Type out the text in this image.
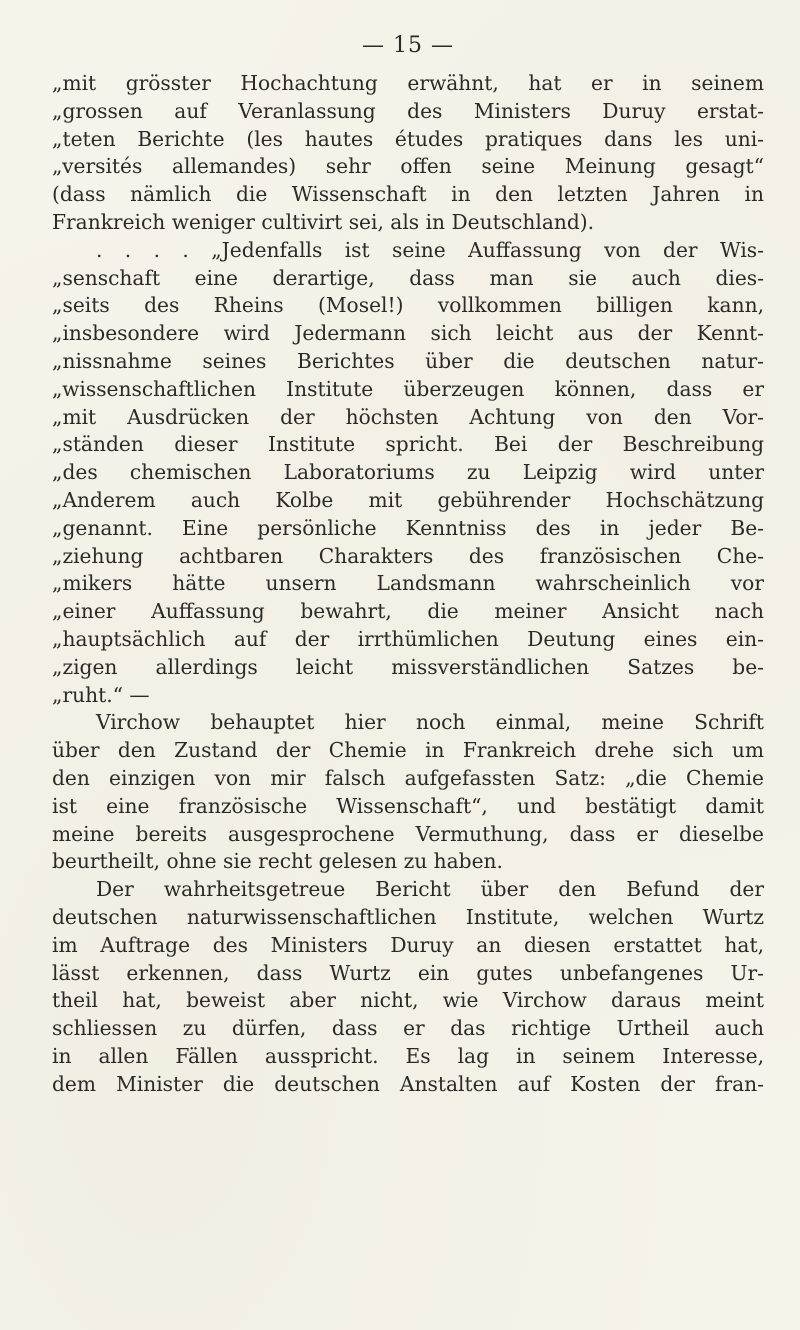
— 15 —
„mit grösster Hochachtung erwähnt, hat er in seinem
„grossen auf Veranlassung des Ministers Duruy erstat-
„teten Berichte (les hautes études pratiques dans les uni-
„versités allemandes) sehr offen seine Meinung gesagt“
(dass nämlich die Wissenschaft in den letzten Jahren in
Frankreich weniger cultivirt sei, als in Deutschland).
. . . . „Jedenfalls ist seine Auffassung von der Wis-
„senschaft eine derartige, dass man sie auch dies-
„seits des Rheins (Mosel!) vollkommen billigen kann,
„insbesondere wird Jedermann sich leicht aus der Kennt-
„nissnahme seines Berichtes über die deutschen natur-
„wissenschaftlichen Institute überzeugen können, dass er
„mit Ausdrücken der höchsten Achtung von den Vor-
„ständen dieser Institute spricht. Bei der Beschreibung
„des chemischen Laboratoriums zu Leipzig wird unter
„Anderem auch Kolbe mit gebührender Hochschätzung
„genannt. Eine persönliche Kenntniss des in jeder Be-
„ziehung achtbaren Charakters des französischen Che-
„mikers hätte unsern Landsmann wahrscheinlich vor
„einer Auffassung bewahrt, die meiner Ansicht nach
„hauptsächlich auf der irrthümlichen Deutung eines ein-
„zigen allerdings leicht missverständlichen Satzes be-
„ruht.“ —
Virchow behauptet hier noch einmal, meine Schrift
über den Zustand der Chemie in Frankreich drehe sich um
den einzigen von mir falsch aufgefassten Satz: „die Chemie
ist eine französische Wissenschaft“, und bestätigt damit
meine bereits ausgesprochene Vermuthung, dass er dieselbe
beurtheilt, ohne sie recht gelesen zu haben.
Der wahrheitsgetreue Bericht über den Befund der
deutschen naturwissenschaftlichen Institute, welchen Wurtz
im Auftrage des Ministers Duruy an diesen erstattet hat,
lässt erkennen, dass Wurtz ein gutes unbefangenes Ur-
theil hat, beweist aber nicht, wie Virchow daraus meint
schliessen zu dürfen, dass er das richtige Urtheil auch
in allen Fällen ausspricht. Es lag in seinem Interesse,
dem Minister die deutschen Anstalten auf Kosten der fran-
